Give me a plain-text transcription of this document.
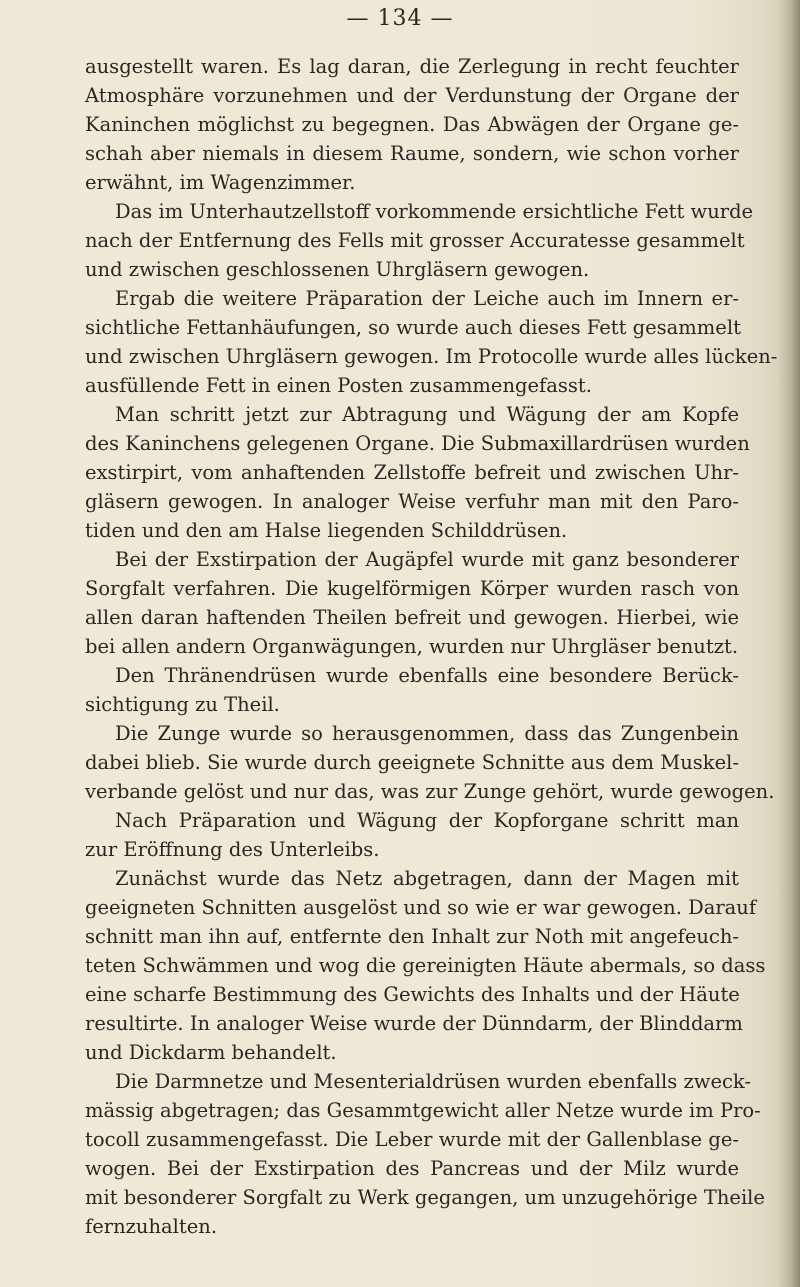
— 134 —
ausgestellt waren. Es lag daran, die Zerlegung in recht feuchter
Atmosphäre vorzunehmen und der Verdunstung der Organe der
Kaninchen möglichst zu begegnen. Das Abwägen der Organe ge-
schah aber niemals in diesem Raume, sondern, wie schon vorher
erwähnt, im Wagenzimmer.
Das im Unterhautzellstoff vorkommende ersichtliche Fett wurde
nach der Entfernung des Fells mit grosser Accuratesse gesammelt
und zwischen geschlossenen Uhrgläsern gewogen.
Ergab die weitere Präparation der Leiche auch im Innern er-
sichtliche Fettanhäufungen, so wurde auch dieses Fett gesammelt
und zwischen Uhrgläsern gewogen. Im Protocolle wurde alles lücken-
ausfüllende Fett in einen Posten zusammengefasst.
Man schritt jetzt zur Abtragung und Wägung der am Kopfe
des Kaninchens gelegenen Organe. Die Submaxillardrüsen wurden
exstirpirt, vom anhaftenden Zellstoffe befreit und zwischen Uhr-
gläsern gewogen. In analoger Weise verfuhr man mit den Paro-
tiden und den am Halse liegenden Schilddrüsen.
Bei der Exstirpation der Augäpfel wurde mit ganz besonderer
Sorgfalt verfahren. Die kugelförmigen Körper wurden rasch von
allen daran haftenden Theilen befreit und gewogen. Hierbei, wie
bei allen andern Organwägungen, wurden nur Uhrgläser benutzt.
Den Thränendrüsen wurde ebenfalls eine besondere Berück-
sichtigung zu Theil.
Die Zunge wurde so herausgenommen, dass das Zungenbein
dabei blieb. Sie wurde durch geeignete Schnitte aus dem Muskel-
verbande gelöst und nur das, was zur Zunge gehört, wurde gewogen.
Nach Präparation und Wägung der Kopforgane schritt man
zur Eröffnung des Unterleibs.
Zunächst wurde das Netz abgetragen, dann der Magen mit
geeigneten Schnitten ausgelöst und so wie er war gewogen. Darauf
schnitt man ihn auf, entfernte den Inhalt zur Noth mit angefeuch-
teten Schwämmen und wog die gereinigten Häute abermals, so dass
eine scharfe Bestimmung des Gewichts des Inhalts und der Häute
resultirte. In analoger Weise wurde der Dünndarm, der Blinddarm
und Dickdarm behandelt.
Die Darmnetze und Mesenterialdrüsen wurden ebenfalls zweck-
mässig abgetragen; das Gesammtgewicht aller Netze wurde im Pro-
tocoll zusammengefasst. Die Leber wurde mit der Gallenblase ge-
wogen. Bei der Exstirpation des Pancreas und der Milz wurde
mit besonderer Sorgfalt zu Werk gegangen, um unzugehörige Theile
fernzuhalten.
